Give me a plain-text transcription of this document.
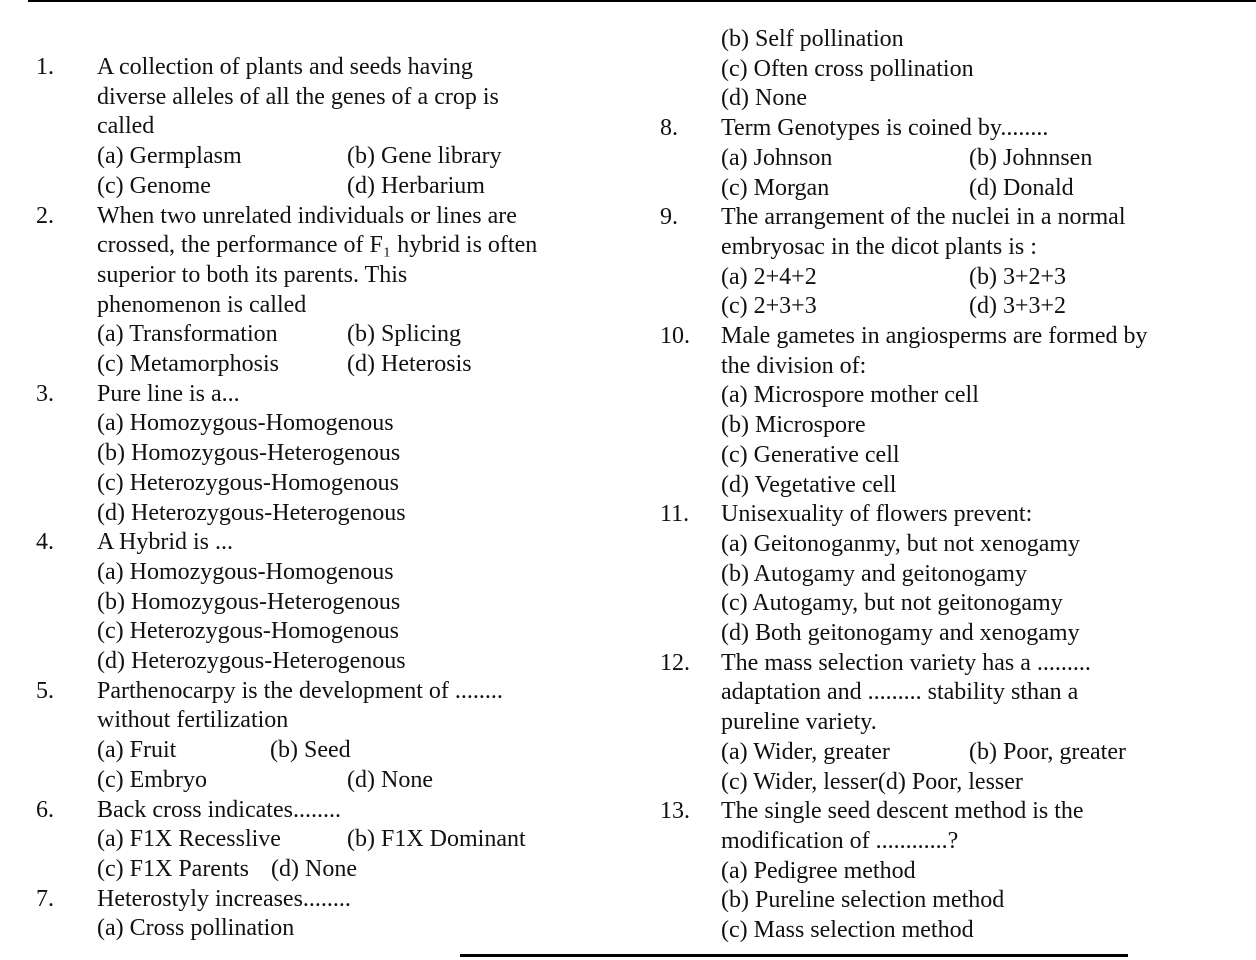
1. A collection of plants and seeds having
diverse alleles of all the genes of a crop is
called
(a) Germplasm	(b) Gene library
(c) Genome	(d) Herbarium
2. When two unrelated individuals or lines are
crossed, the performance of F₁ hybrid is often
superior to both its parents. This
phenomenon is called
(a) Transformation	(b) Splicing
(c) Metamorphosis	(d) Heterosis
3. Pure line is a...
(a) Homozygous-Homogenous
(b) Homozygous-Heterogenous
(c) Heterozygous-Homogenous
(d) Heterozygous-Heterogenous
4. A Hybrid is ...
(a) Homozygous-Homogenous
(b) Homozygous-Heterogenous
(c) Heterozygous-Homogenous
(d) Heterozygous-Heterogenous
5. Parthenocarpy is the development of ........
without fertilization
(a) Fruit	(b) Seed
(c) Embryo	(d) None
6. Back cross indicates........
(a) F1X Recesslive	(b) F1X Dominant
(c) F1X Parents (d) None
7. Heterostyly increases........
(a) Cross pollination
(b) Self pollination
(c) Often cross pollination
(d) None
8. Term Genotypes is coined by........
(a) Johnson	(b) Johnnsen
(c) Morgan	(d) Donald
9. The arrangement of the nuclei in a normal
embryosac in the dicot plants is :
(a) 2+4+2	(b) 3+2+3
(c) 2+3+3	(d) 3+3+2
10. Male gametes in angiosperms are formed by
the division of:
(a) Microspore mother cell
(b) Microspore
(c) Generative cell
(d) Vegetative cell
11. Unisexuality of flowers prevent:
(a) Geitonoganmy, but not xenogamy
(b) Autogamy and geitonogamy
(c) Autogamy, but not geitonogamy
(d) Both geitonogamy and xenogamy
12. The mass selection variety has a .........
adaptation and ......... stability sthan a
pureline variety.
(a) Wider, greater	(b) Poor, greater
(c) Wider, lesser(d) Poor, lesser
13. The single seed descent method is the
modification of ............?
(a) Pedigree method
(b) Pureline selection method
(c) Mass selection method
